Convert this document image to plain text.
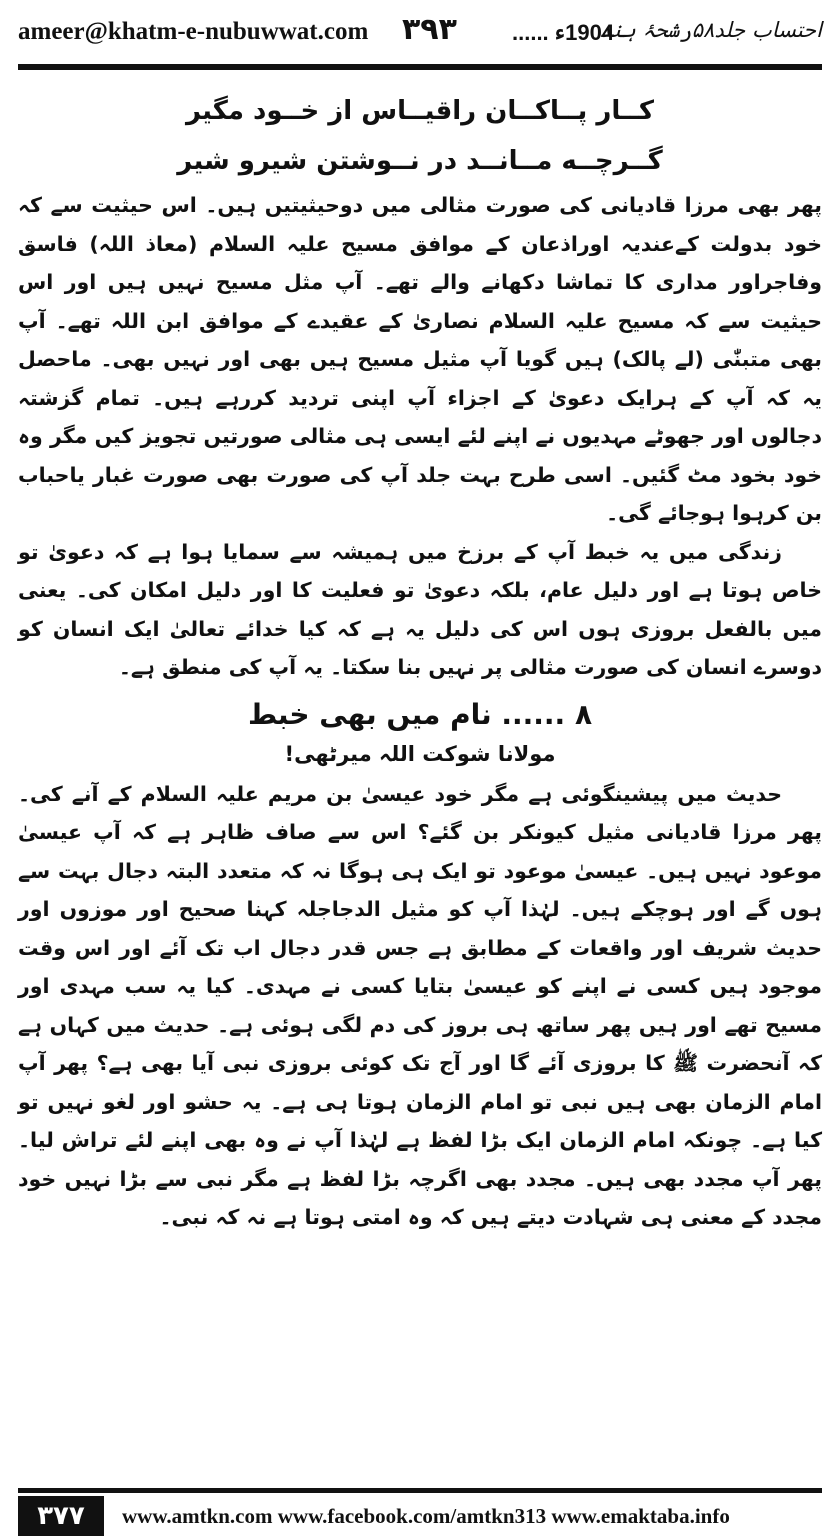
ameer@khatm-e-nubuwwat.com ۳۹۳	1904ء ......
احتساب جلد۵۸رشحۂ ہند

کــار پــاکــان راقیــاس از خــود مگیر

گــرچــه مــانــد در نــوشتن شیرو شیر

پھر بھی مرزا قادیانی کی صورت مثالی میں دوحیثیتیں ہیں۔ اس حیثیت سے کہ خود بدولت کےعندیہ اوراذعان کے موافق مسیح علیہ السلام (معاذ اللہ) فاسق وفاجراور مداری کا تماشا دکھانے والے تھے۔ آپ مثل مسیح نہیں ہیں اور اس حیثیت سے کہ مسیح علیہ السلام نصاریٰ کے عقیدے کے موافق ابن اللہ تھے۔ آپ بھی متبنّٰی (لے پالک) ہیں گویا آپ مثیل مسیح ہیں بھی اور نہیں بھی۔ ماحصل یہ کہ آپ کے ہرایک دعویٰ کے اجزاء آپ اپنی تردید کررہے ہیں۔ تمام گزشتہ دجالوں اور جھوٹے مہدیوں نے اپنے لئے ایسی ہی مثالی صورتیں تجویز کیں مگر وہ خود بخود مٹ گئیں۔ اسی طرح بہت جلد آپ کی صورت بھی صورت غبار یاحباب بن کرہوا ہوجائے گی۔

زندگی میں یہ خبط آپ کے برزخ میں ہمیشہ سے سمایا ہوا ہے کہ دعویٰ تو خاص ہوتا ہے اور دلیل عام، بلکہ دعویٰ تو فعلیت کا اور دلیل امکان کی۔ یعنی میں بالفعل بروزی ہوں اس کی دلیل یہ ہے کہ کیا خدائے تعالیٰ ایک انسان کو دوسرے انسان کی صورت مثالی پر نہیں بنا سکتا۔ یہ آپ کی منطق ہے۔

۸ ...... نام میں بھی خبط
مولانا شوکت اللہ میرٹھی!

حدیث میں پیشینگوئی ہے مگر خود عیسیٰ بن مریم علیہ السلام کے آنے کی۔ پھر مرزا قادیانی مثیل کیونکر بن گئے؟ اس سے صاف ظاہر ہے کہ آپ عیسیٰ موعود نہیں ہیں۔ عیسیٰ موعود تو ایک ہی ہوگا نہ کہ متعدد البتہ دجال بہت سے ہوں گے اور ہوچکے ہیں۔ لہٰذا آپ کو مثیل الدجاجلہ کہنا صحیح اور موزوں اور حدیث شریف اور واقعات کے مطابق ہے جس قدر دجال اب تک آئے اور اس وقت موجود ہیں کسی نے اپنے کو عیسیٰ بتایا کسی نے مہدی۔ کیا یہ سب مہدی اور مسیح تھے اور ہیں پھر ساتھ ہی بروز کی دم لگی ہوئی ہے۔ حدیث میں کہاں ہے کہ آنحضرت ﷺ کا بروزی آئے گا اور آج تک کوئی بروزی نبی آیا بھی ہے؟ پھر آپ امام الزمان بھی ہیں نبی تو امام الزمان ہوتا ہی ہے۔ یہ حشو اور لغو نہیں تو کیا ہے۔ چونکہ امام الزمان ایک بڑا لفظ ہے لہٰذا آپ نے وہ بھی اپنے لئے تراش لیا۔ پھر آپ مجدد بھی ہیں۔ مجدد بھی اگرچہ بڑا لفظ ہے مگر نبی سے بڑا نہیں خود مجدد کے معنی ہی شہادت دیتے ہیں کہ وہ امتی ہوتا ہے نہ کہ نبی۔

۳۷۷	www.amtkn.com www.facebook.com/amtkn313 www.emaktaba.info
